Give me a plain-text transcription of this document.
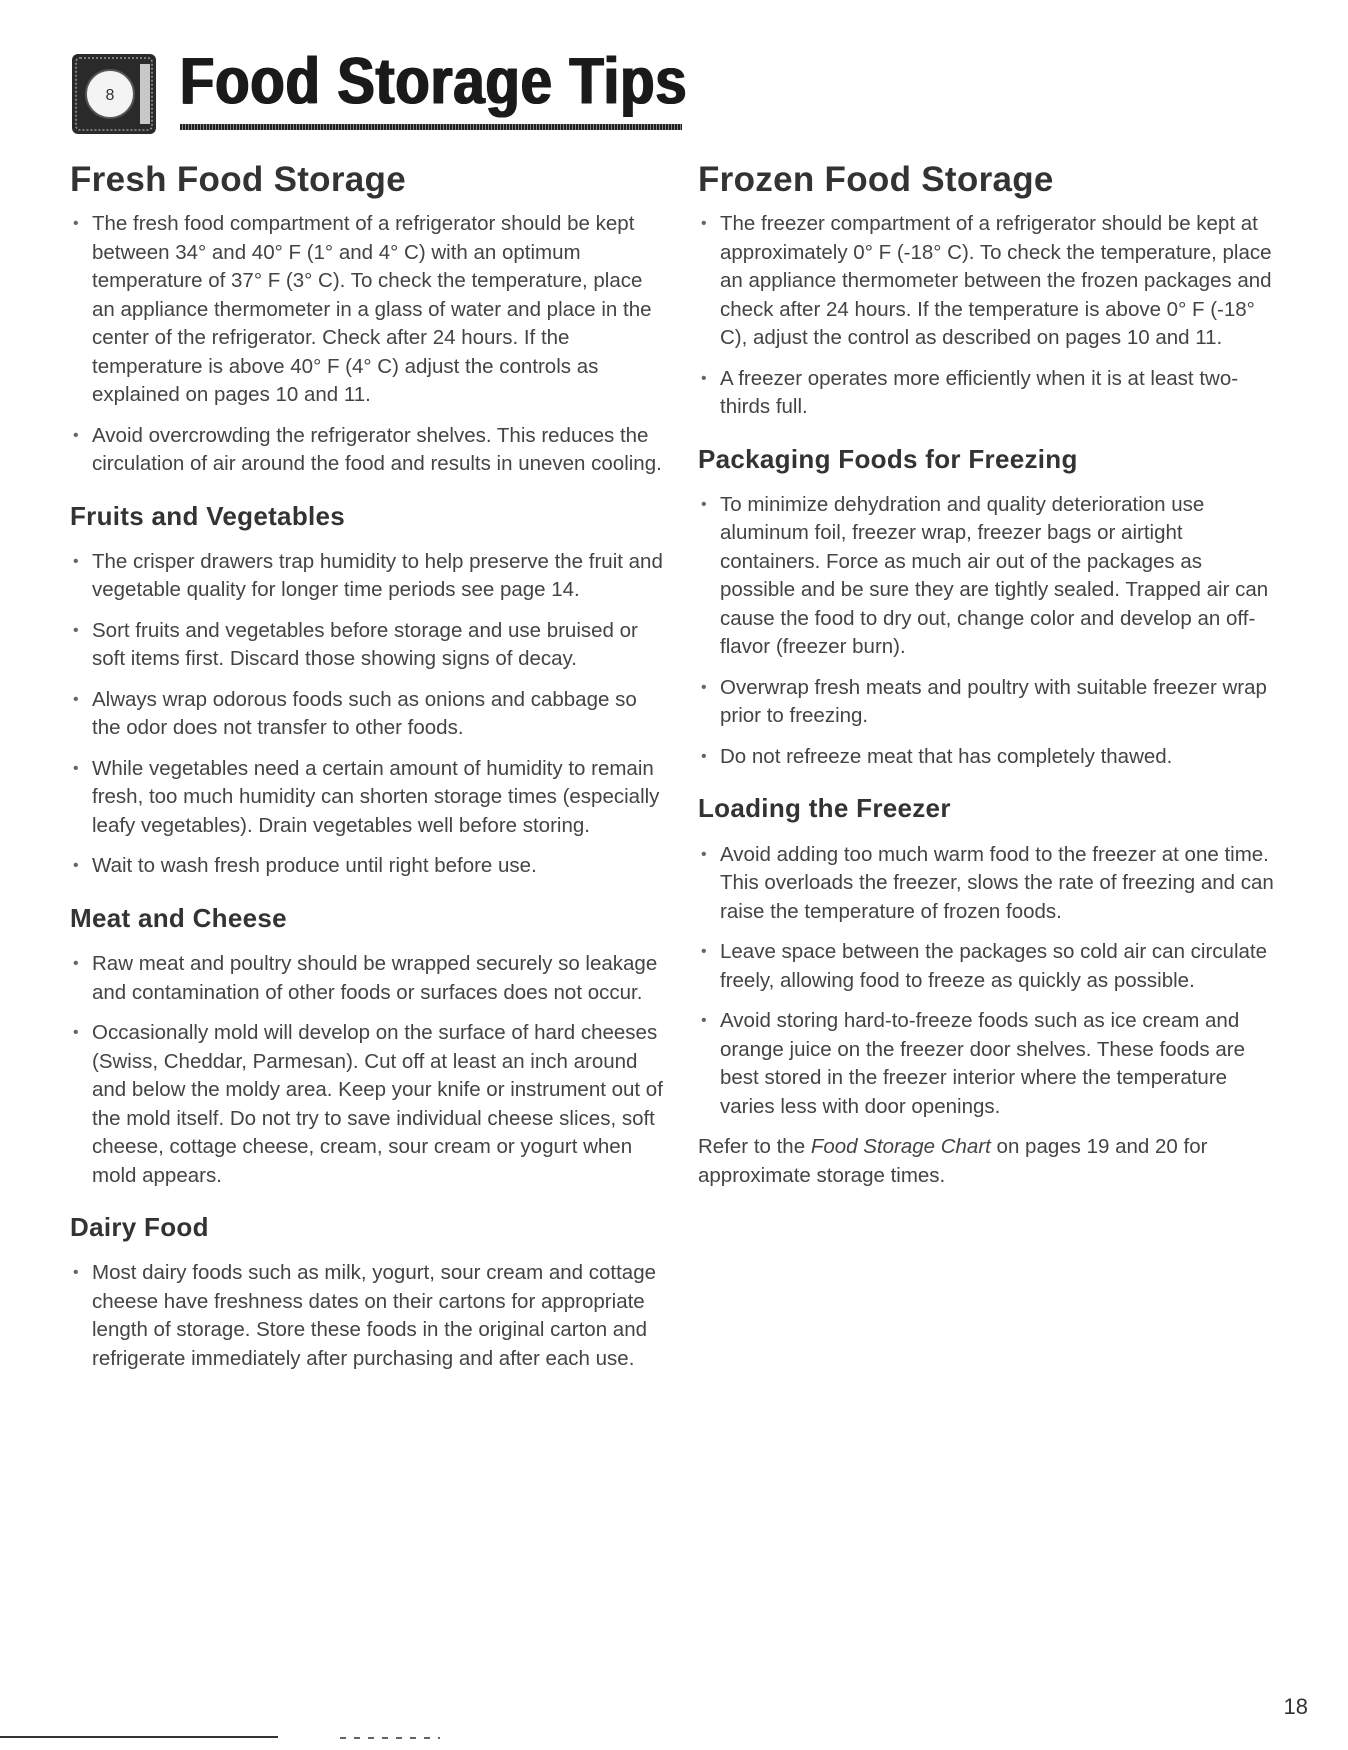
8 Food Storage Tips
Fresh Food Storage
• The fresh food compartment of a refrigerator should be kept between 34° and 40° F (1° and 4° C) with an optimum temperature of 37° F (3° C). To check the temperature, place an appliance thermometer in a glass of water and place in the center of the refrigerator. Check after 24 hours. If the temperature is above 40° F (4° C) adjust the controls as explained on pages 10 and 11.
• Avoid overcrowding the refrigerator shelves. This reduces the circulation of air around the food and results in uneven cooling.
Fruits and Vegetables
• The crisper drawers trap humidity to help preserve the fruit and vegetable quality for longer time periods see page 14.
• Sort fruits and vegetables before storage and use bruised or soft items first. Discard those showing signs of decay.
• Always wrap odorous foods such as onions and cabbage so the odor does not transfer to other foods.
• While vegetables need a certain amount of humidity to remain fresh, too much humidity can shorten storage times (especially leafy vegetables). Drain vegetables well before storing.
• Wait to wash fresh produce until right before use.
Meat and Cheese
• Raw meat and poultry should be wrapped securely so leakage and contamination of other foods or surfaces does not occur.
• Occasionally mold will develop on the surface of hard cheeses (Swiss, Cheddar, Parmesan). Cut off at least an inch around and below the moldy area. Keep your knife or instrument out of the mold itself. Do not try to save individual cheese slices, soft cheese, cottage cheese, cream, sour cream or yogurt when mold appears.
Dairy Food
• Most dairy foods such as milk, yogurt, sour cream and cottage cheese have freshness dates on their cartons for appropriate length of storage. Store these foods in the original carton and refrigerate immediately after purchasing and after each use.
Frozen Food Storage
• The freezer compartment of a refrigerator should be kept at approximately 0° F (-18° C). To check the temperature, place an appliance thermometer between the frozen packages and check after 24 hours. If the temperature is above 0° F (-18° C), adjust the control as described on pages 10 and 11.
• A freezer operates more efficiently when it is at least two-thirds full.
Packaging Foods for Freezing
• To minimize dehydration and quality deterioration use aluminum foil, freezer wrap, freezer bags or airtight containers. Force as much air out of the packages as possible and be sure they are tightly sealed. Trapped air can cause the food to dry out, change color and develop an off-flavor (freezer burn).
• Overwrap fresh meats and poultry with suitable freezer wrap prior to freezing.
• Do not refreeze meat that has completely thawed.
Loading the Freezer
• Avoid adding too much warm food to the freezer at one time. This overloads the freezer, slows the rate of freezing and can raise the temperature of frozen foods.
• Leave space between the packages so cold air can circulate freely, allowing food to freeze as quickly as possible.
• Avoid storing hard-to-freeze foods such as ice cream and orange juice on the freezer door shelves. These foods are best stored in the freezer interior where the temperature varies less with door openings.

Refer to the Food Storage Chart on pages 19 and 20 for approximate storage times.

18
